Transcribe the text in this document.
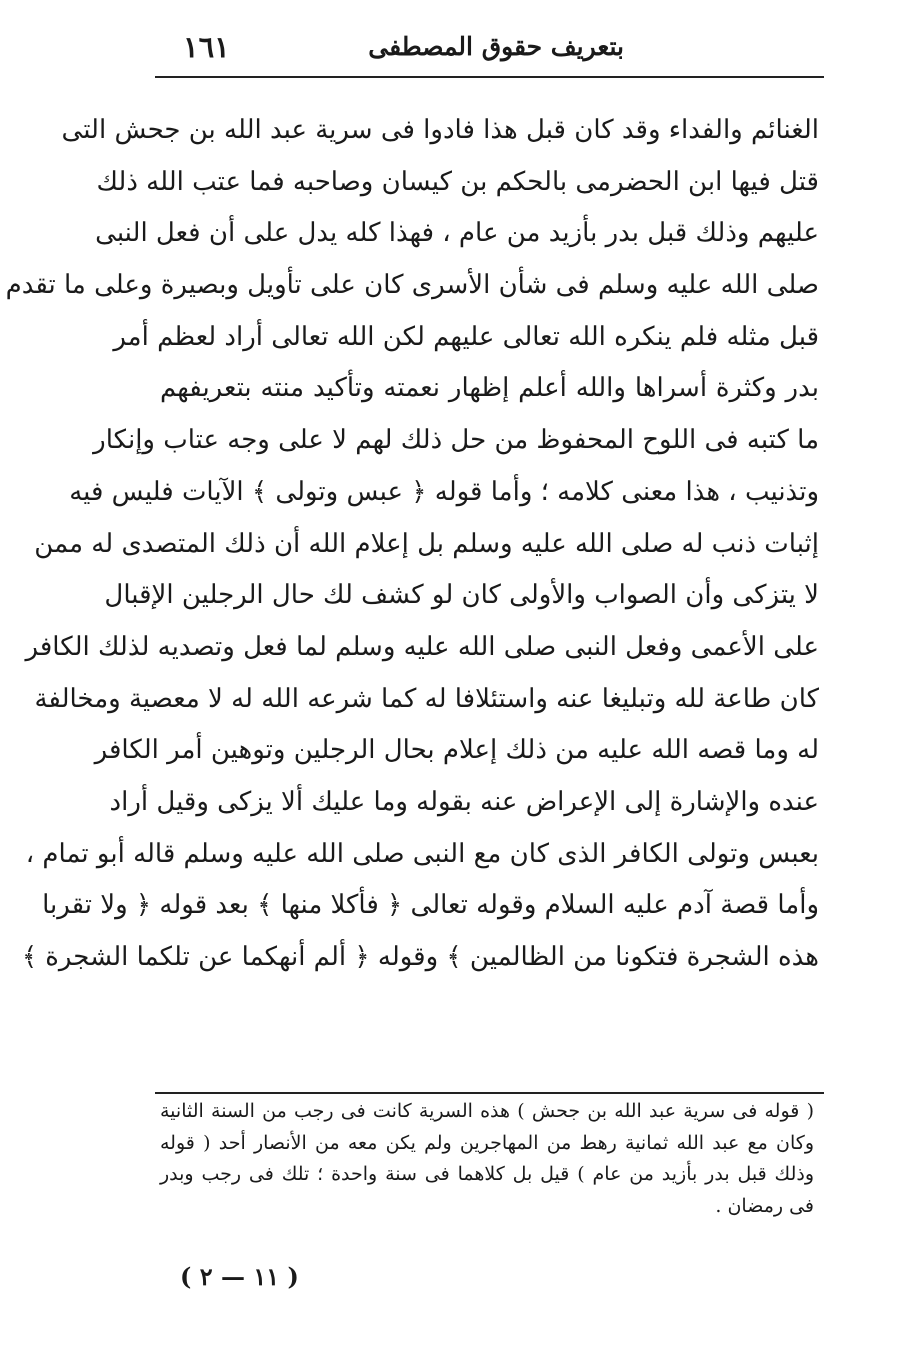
بتعريف حقوق المصطفى
١٦١
الغنائم والفداء وقد كان قبل هذا فادوا فى سرية عبد الله بن جحش التى
قتل فيها ابن الحضرمى بالحكم بن كيسان وصاحبه فما عتب الله ذلك
عليهم وذلك قبل بدر بأزيد من عام ، فهذا كله يدل على أن فعل النبى
صلى الله عليه وسلم فى شأن الأسرى كان على تأويل وبصيرة وعلى ما تقدم
قبل مثله فلم ينكره الله تعالى عليهم لكن الله تعالى أراد لعظم أمر
بدر وكثرة أسراها والله أعلم إظهار نعمته وتأكيد منته بتعريفهم
ما كتبه فى اللوح المحفوظ من حل ذلك لهم لا على وجه عتاب وإنكار
وتذنيب ، هذا معنى كلامه ؛ وأما قوله ﴿ عبس وتولى ﴾ الآيات فليس فيه
إثبات ذنب له صلى الله عليه وسلم بل إعلام الله أن ذلك المتصدى له ممن
لا يتزكى وأن الصواب والأولى كان لو كشف لك حال الرجلين الإقبال
على الأعمى وفعل النبى صلى الله عليه وسلم لما فعل وتصديه لذلك الكافر
كان طاعة لله وتبليغا عنه واستئلافا له كما شرعه الله له لا معصية ومخالفة
له وما قصه الله عليه من ذلك إعلام بحال الرجلين وتوهين أمر الكافر
عنده والإشارة إلى الإعراض عنه بقوله وما عليك ألا يزكى وقيل أراد
بعبس وتولى الكافر الذى كان مع النبى صلى الله عليه وسلم قاله أبو تمام ،
وأما قصة آدم عليه السلام وقوله تعالى ﴿ فأكلا منها ﴾ بعد قوله ﴿ ولا تقربا
هذه الشجرة فتكونا من الظالمين ﴾ وقوله ﴿ ألم أنهكما عن تلكما الشجرة ﴾
( قوله فى سرية عبد الله بن جحش ) هذه السرية كانت فى رجب من السنة الثانية
وكان مع عبد الله ثمانية رهط من المهاجرين ولم يكن معه من الأنصار أحد ( قوله
وذلك قبل بدر بأزيد من عام ) قيل بل كلاهما فى سنة واحدة ؛ تلك فى رجب وبدر
فى رمضان .
( ١١ — ٢ )
